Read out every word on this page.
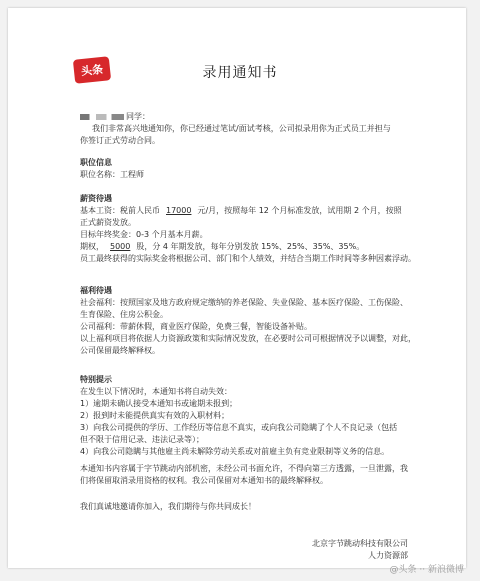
头条	录用通知书
同学：
我们非常高兴地通知你，你已经通过笔试/面试考核，公司拟录用你为正式员工并担与
你签订正式劳动合同。
职位信息
职位名称：工程师
薪资待遇
基本工资：税前人民币 17000 元/月，按照每年 12 个月标准发放，试用期 2 个月，按照
正式薪资发放。
目标年终奖金：0-3 个月基本月薪。
期权， 5000 股，分 4 年期发放，每年分别发放 15%、25%、35%、35%。
员工最终获得的实际奖金将根据公司、部门和个人绩效，并结合当期工作时间等多种因素浮动。
福利待遇
社会福利：按照国家及地方政府规定缴纳的养老保险、失业保险、基本医疗保险、工伤保险、
生育保险、住房公积金。
公司福利：带薪休假，商业医疗保险，免费三餐，智能设备补贴。
以上福利项目将依据人力资源政策和实际情况发放，在必要时公司可根据情况予以调整，对此，
公司保留最终解释权。
特别提示
在发生以下情况时，本通知书将自动失效：
1）逾期未确认接受本通知书或逾期未报到；
2）报到时未能提供真实有效的入职材料；
3）向我公司提供的学历、工作经历等信息不真实，或向我公司隐瞒了个人不良记录（包括
但不限于信用记录、违法记录等）；
4）向我公司隐瞒与其他雇主尚未解除劳动关系或对前雇主负有竞业限制等义务的信息。
本通知书内容属于字节跳动内部机密，未经公司书面允许，不得向第三方透露，一旦泄露，我
们将保留取消录用资格的权利。我公司保留对本通知书的最终解释权。
我们真诚地邀请你加入，我们期待与你共同成长！
北京字节跳动科技有限公司
人力资源部
@头条 ·· 新浪微博
